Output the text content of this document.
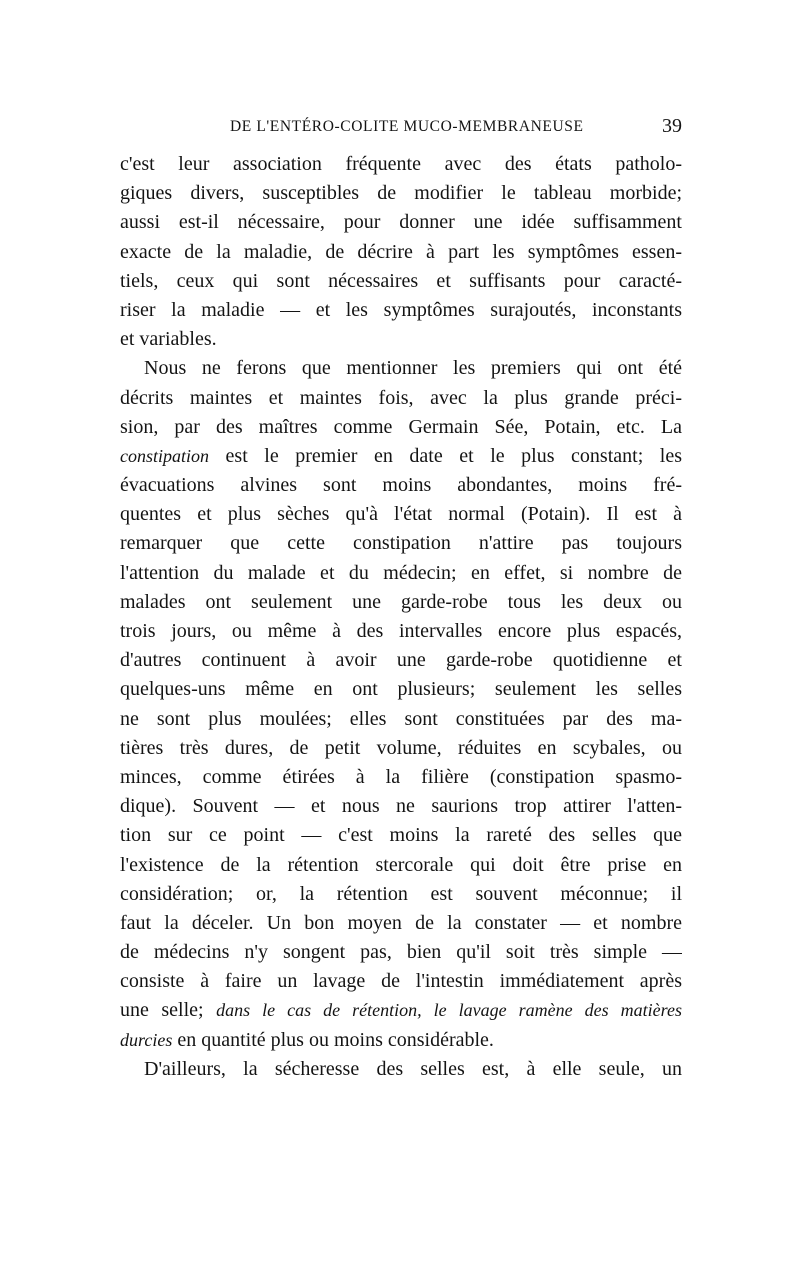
DE L'ENTÉRO-COLITE MUCO-MEMBRANEUSE	39
c'est leur association fréquente avec des états patholo-
giques divers, susceptibles de modifier le tableau morbide;
aussi est-il nécessaire, pour donner une idée suffisamment
exacte de la maladie, de décrire à part les symptômes essen-
tiels, ceux qui sont nécessaires et suffisants pour caracté-
riser la maladie — et les symptômes surajoutés, inconstants
et variables.
Nous ne ferons que mentionner les premiers qui ont été
décrits maintes et maintes fois, avec la plus grande préci-
sion, par des maîtres comme Germain Sée, Potain, etc. La
constipation est le premier en date et le plus constant; les
évacuations alvines sont moins abondantes, moins fré-
quentes et plus sèches qu'à l'état normal (Potain). Il est à
remarquer que cette constipation n'attire pas toujours
l'attention du malade et du médecin; en effet, si nombre de
malades ont seulement une garde-robe tous les deux ou
trois jours, ou même à des intervalles encore plus espacés,
d'autres continuent à avoir une garde-robe quotidienne et
quelques-uns même en ont plusieurs; seulement les selles
ne sont plus moulées; elles sont constituées par des ma-
tières très dures, de petit volume, réduites en scybales, ou
minces, comme étirées à la filière (constipation spasmo-
dique). Souvent — et nous ne saurions trop attirer l'atten-
tion sur ce point — c'est moins la rareté des selles que
l'existence de la rétention stercorale qui doit être prise en
considération; or, la rétention est souvent méconnue; il
faut la déceler. Un bon moyen de la constater — et nombre
de médecins n'y songent pas, bien qu'il soit très simple —
consiste à faire un lavage de l'intestin immédiatement après
une selle; dans le cas de rétention, le lavage ramène des matières
durcies en quantité plus ou moins considérable.
D'ailleurs, la sécheresse des selles est, à elle seule, un
